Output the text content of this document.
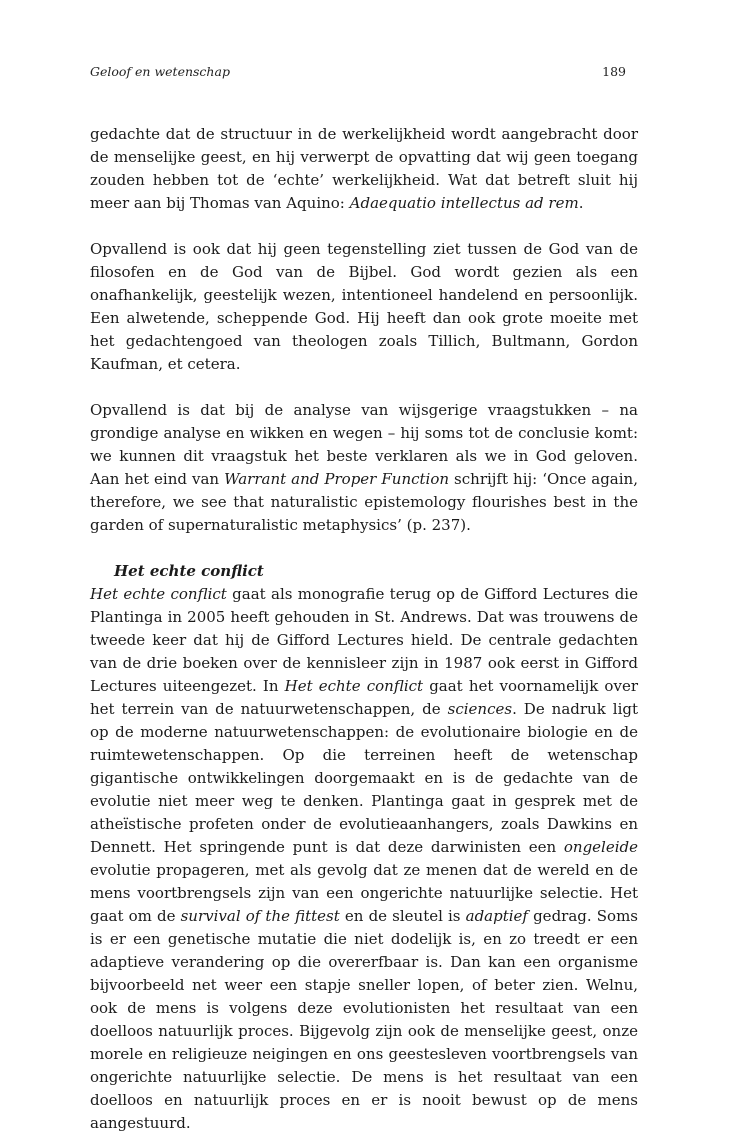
Geloof en wetenschap	189

gedachte dat de structuur in de werkelijkheid wordt aangebracht door de menselijke geest, en hij verwerpt de opvatting dat wij geen toegang zouden hebben tot de ‘echte’ werkelijkheid. Wat dat betreft sluit hij meer aan bij Thomas van Aquino: Adaequatio intellectus ad rem.

Opvallend is ook dat hij geen tegenstelling ziet tussen de God van de filosofen en de God van de Bijbel. God wordt gezien als een onafhankelijk, geestelijk wezen, intentioneel handelend en persoonlijk. Een alwetende, scheppende God. Hij heeft dan ook grote moeite met het gedachtengoed van theologen zoals Tillich, Bultmann, Gordon Kaufman, et cetera.

Opvallend is dat bij de analyse van wijsgerige vraagstukken – na grondige analyse en wikken en wegen – hij soms tot de conclusie komt: we kunnen dit vraagstuk het beste verklaren als we in God geloven. Aan het eind van Warrant and Proper Function schrijft hij: ‘Once again, therefore, we see that naturalistic epistemology flourishes best in the garden of supernaturalistic metaphysics’ (p. 237).

Het echte conflict

Het echte conflict gaat als monografie terug op de Gifford Lectures die Plantinga in 2005 heeft gehouden in St. Andrews. Dat was trouwens de tweede keer dat hij de Gifford Lectures hield. De centrale gedachten van de drie boeken over de kennisleer zijn in 1987 ook eerst in Gifford Lectures uiteengezet. In Het echte conflict gaat het voornamelijk over het terrein van de natuurwetenschappen, de sciences. De nadruk ligt op de moderne natuurwetenschappen: de evolutionaire biologie en de ruimtewetenschappen. Op die terreinen heeft de wetenschap gigantische ontwikkelingen doorgemaakt en is de gedachte van de evolutie niet meer weg te denken. Plantinga gaat in gesprek met de atheïstische profeten onder de evolutieaanhangers, zoals Dawkins en Dennett. Het springende punt is dat deze darwinisten een ongeleide evolutie propageren, met als gevolg dat ze menen dat de wereld en de mens voortbrengsels zijn van een ongerichte natuurlijke selectie. Het gaat om de survival of the fittest en de sleutel is adaptief gedrag. Soms is er een genetische mutatie die niet dodelijk is, en zo treedt er een adaptieve verandering op die overerfbaar is. Dan kan een organisme bijvoorbeeld net weer een stapje sneller lopen, of beter zien. Welnu, ook de mens is volgens deze evolutionisten het resultaat van een doelloos natuurlijk proces. Bijgevolg zijn ook de menselijke geest, onze morele en religieuze neigingen en ons geestesleven voortbrengsels van ongerichte natuurlijke selectie. De mens is het resultaat van een doelloos en natuurlijk proces en er is nooit bewust op de mens aangestuurd.
